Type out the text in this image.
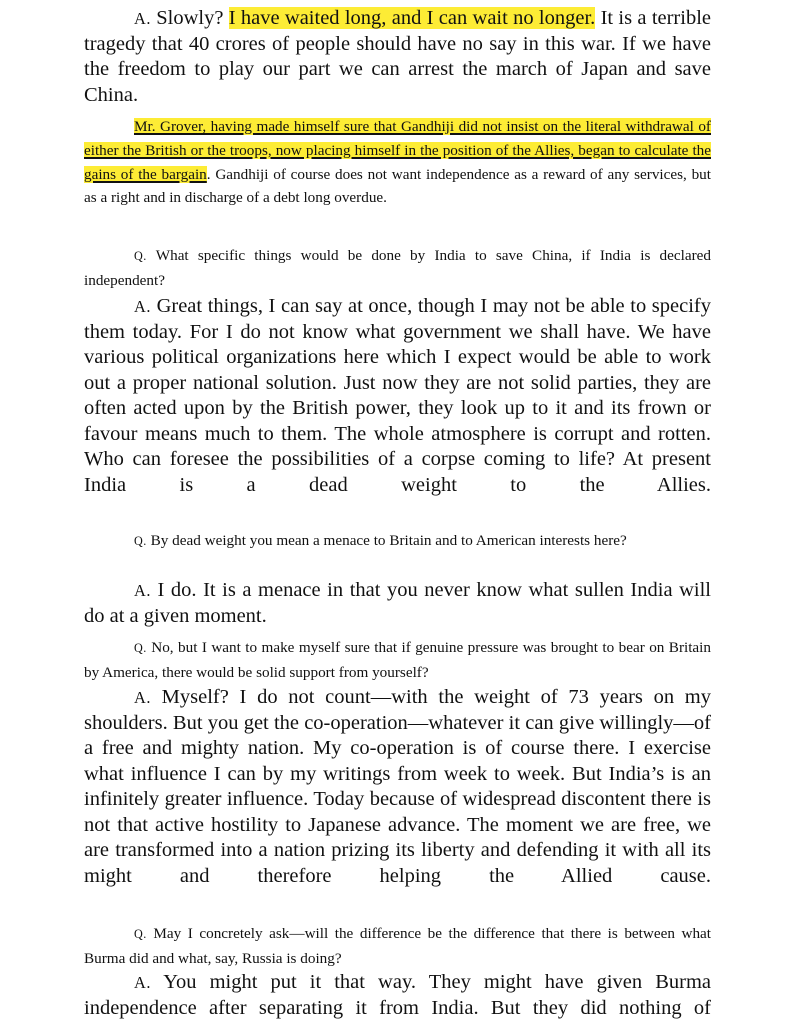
A. Slowly? I have waited long, and I can wait no longer. It is a terrible tragedy that 40 crores of people should have no say in this war. If we have the freedom to play our part we can arrest the march of Japan and save China.

Mr. Grover, having made himself sure that Gandhiji did not insist on the literal withdrawal of either the British or the troops, now placing himself in the position of the Allies, began to calculate the gains of the bargain. Gandhiji of course does not want independence as a reward of any services, but as a right and in discharge of a debt long overdue.

Q. What specific things would be done by India to save China, if India is declared independent?

A. Great things, I can say at once, though I may not be able to specify them today. For I do not know what government we shall have. We have various political organizations here which I expect would be able to work out a proper national solution. Just now they are not solid parties, they are often acted upon by the British power, they look up to it and its frown or favour means much to them. The whole atmosphere is corrupt and rotten. Who can foresee the possibilities of a corpse coming to life? At present India is a dead weight to the Allies.

Q. By dead weight you mean a menace to Britain and to American interests here?

A. I do. It is a menace in that you never know what sullen India will do at a given moment.

Q. No, but I want to make myself sure that if genuine pressure was brought to bear on Britain by America, there would be solid support from yourself?

A. Myself? I do not count—with the weight of 73 years on my shoulders. But you get the co-operation—whatever it can give willingly—of a free and mighty nation. My co-operation is of course there. I exercise what influence I can by my writings from week to week. But India’s is an infinitely greater influence. Today because of widespread discontent there is not that active hostility to Japanese advance. The moment we are free, we are transformed into a nation prizing its liberty and defending it with all its might and therefore helping the Allied cause.

Q. May I concretely ask—will the difference be the difference that there is between what Burma did and what, say, Russia is doing?

A. You might put it that way. They might have given Burma independence after separating it from India. But they did nothing of
